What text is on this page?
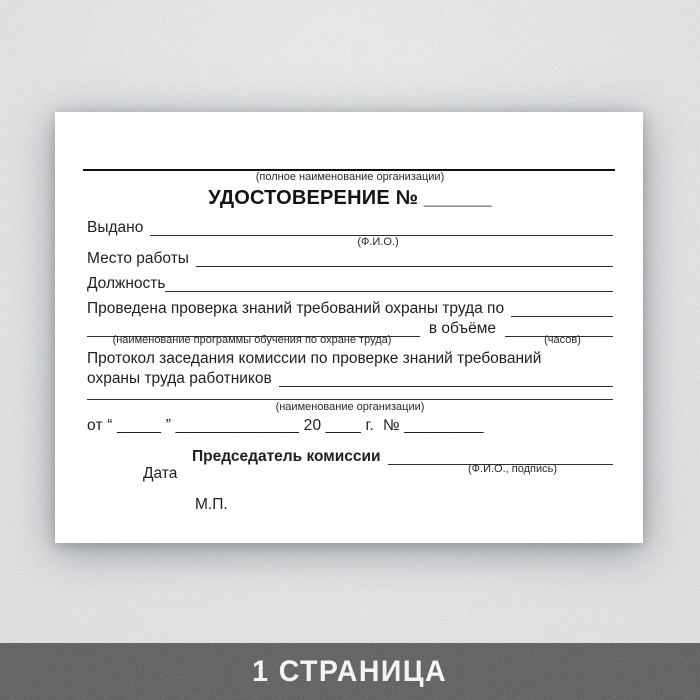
(полное наименование организации)
УДОСТОВЕРЕНИЕ № ______
Выдано
(Ф.И.О.)
Место работы
Должность
Проведена проверка знаний требований охраны труда по
в объёме
(наименование программы обучения по охране труда)	(часов)
Протокол заседания комиссии по проверке знаний требований
охраны труда работников
(наименование организации)
от “ _____ ” ______________ 20 ____ г.  № _________
Председатель комиссии
Дата	(Ф.И.О., подпись)
М.П.
1 СТРАНИЦА
